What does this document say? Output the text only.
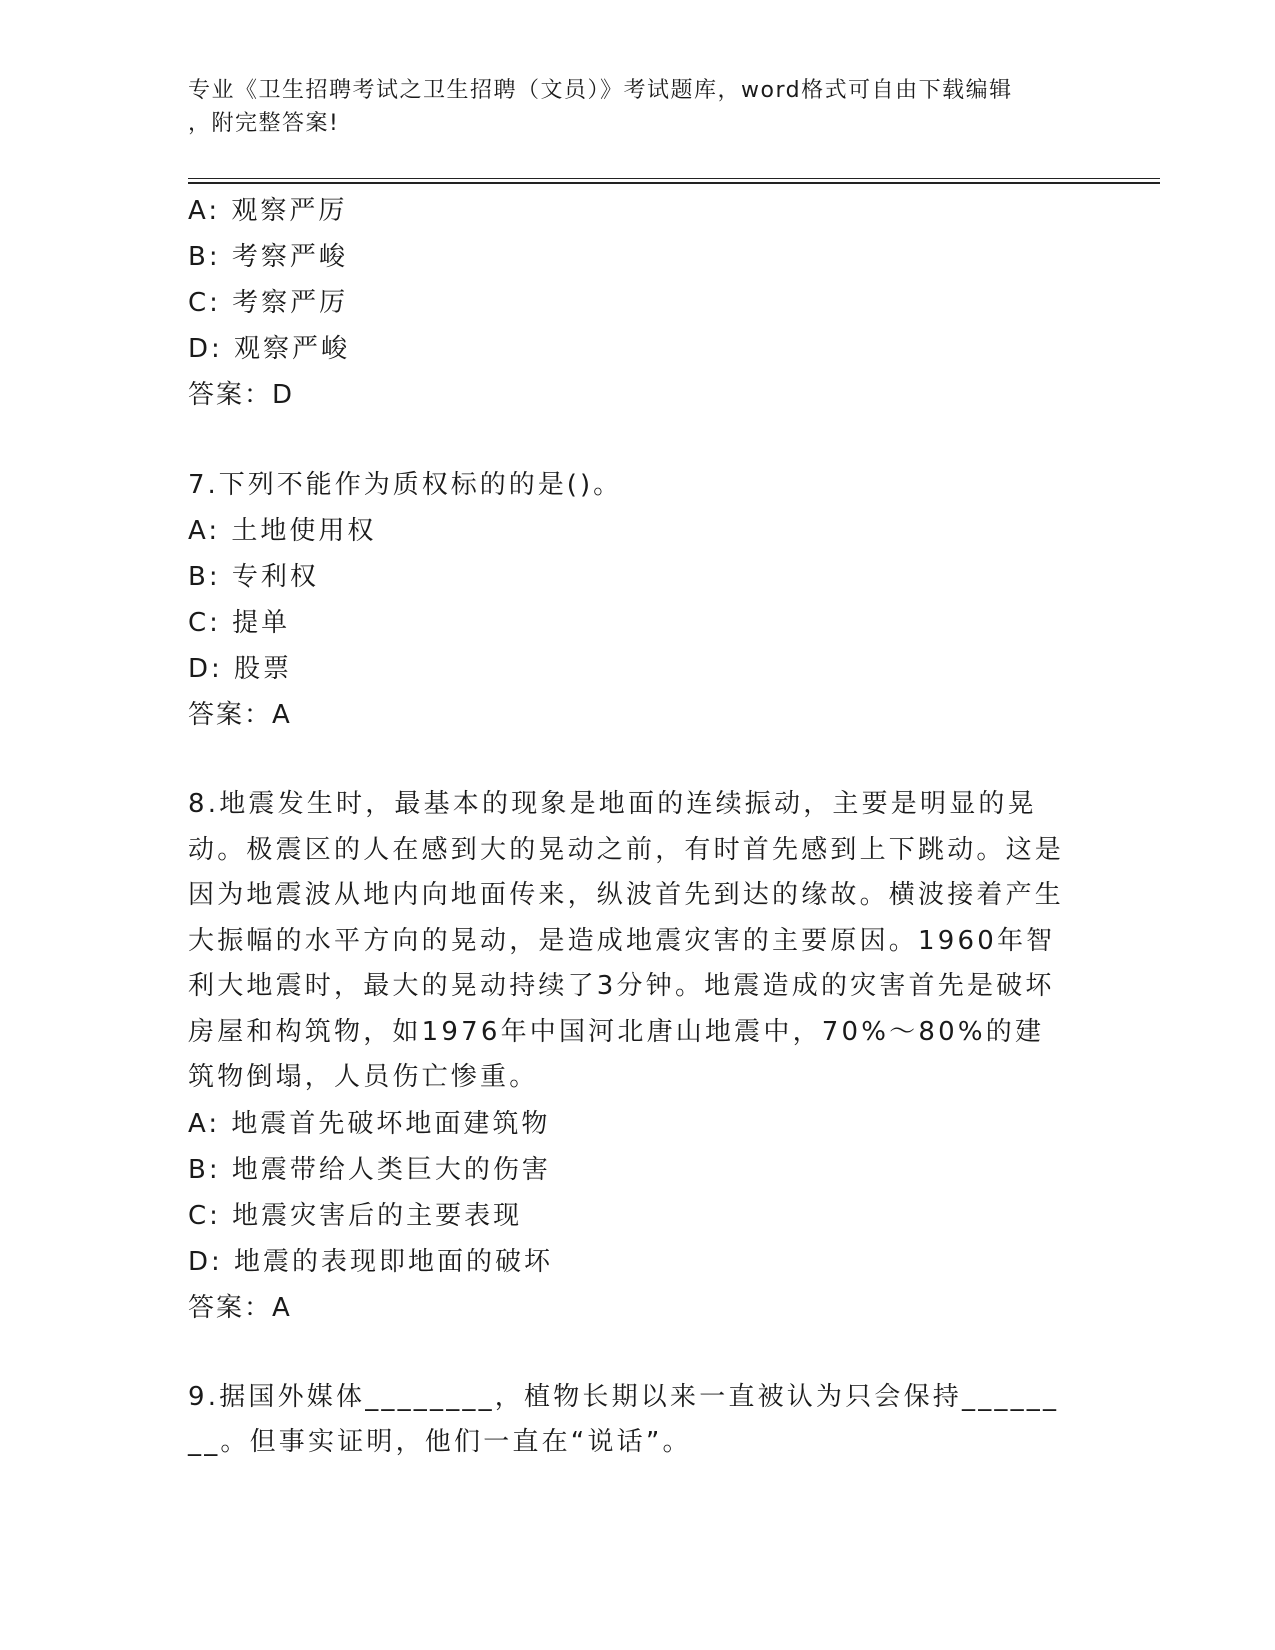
专业《卫生招聘考试之卫生招聘（文员）》考试题库，word格式可自由下载编辑
，附完整答案!
A: 观察严厉
B: 考察严峻
C: 考察严厉
D: 观察严峻
答案：D
7.下列不能作为质权标的的是()。
A: 土地使用权
B: 专利权
C: 提单
D: 股票
答案：A
8.地震发生时，最基本的现象是地面的连续振动，主要是明显的晃动。极震区的人在感到大的晃动之前，有时首先感到上下跳动。这是因为地震波从地内向地面传来，纵波首先到达的缘故。横波接着产生大振幅的水平方向的晃动，是造成地震灾害的主要原因。1960年智利大地震时，最大的晃动持续了3分钟。地震造成的灾害首先是破坏房屋和构筑物，如1976年中国河北唐山地震中，70%～80%的建筑物倒塌，人员伤亡惨重。
A: 地震首先破坏地面建筑物
B: 地震带给人类巨大的伤害
C: 地震灾害后的主要表现
D: 地震的表现即地面的破坏
答案：A
9.据国外媒体________，植物长期以来一直被认为只会保持________。但事实证明，他们一直在“说话”。
